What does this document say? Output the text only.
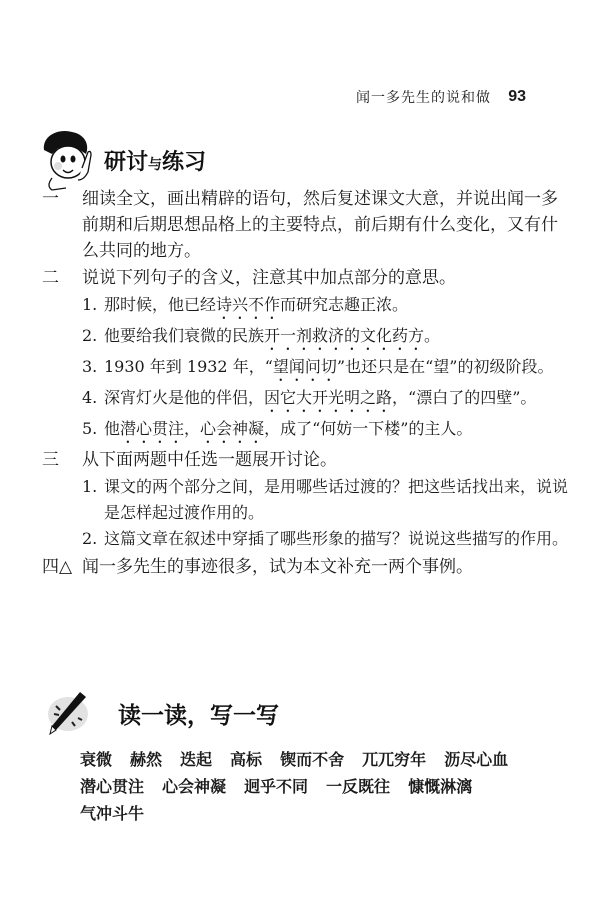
闻一多先生的说和做 93
研讨与练习
一	细读全文，画出精辟的语句，然后复述课文大意，并说出闻一多前期和后期思想品格上的主要特点，前后期有什么变化，又有什么共同的地方。
二	说说下列句子的含义，注意其中加点部分的意思。
1. 那时候，他已经诗兴不作而研究志趣正浓。
2. 他要给我们衰微的民族开一剂救济的文化药方。
3. 1930 年到 1932 年，“望闻问切”也还只是在“望”的初级阶段。
4. 深宵灯火是他的伴侣，因它大开光明之路，“漂白了的四壁”。
5. 他潜心贯注，心会神凝，成了“何妨一下楼”的主人。
三	从下面两题中任选一题展开讨论。
1. 课文的两个部分之间，是用哪些话过渡的？把这些话找出来，说说是怎样起过渡作用的。
2. 这篇文章在叙述中穿插了哪些形象的描写？说说这些描写的作用。
四△ 闻一多先生的事迹很多，试为本文补充一两个事例。
读一读，写一写
衰微 赫然 迭起 高标 锲而不舍 兀兀穷年 沥尽心血
潜心贯注 心会神凝 迥乎不同 一反既往 慷慨淋漓
气冲斗牛
